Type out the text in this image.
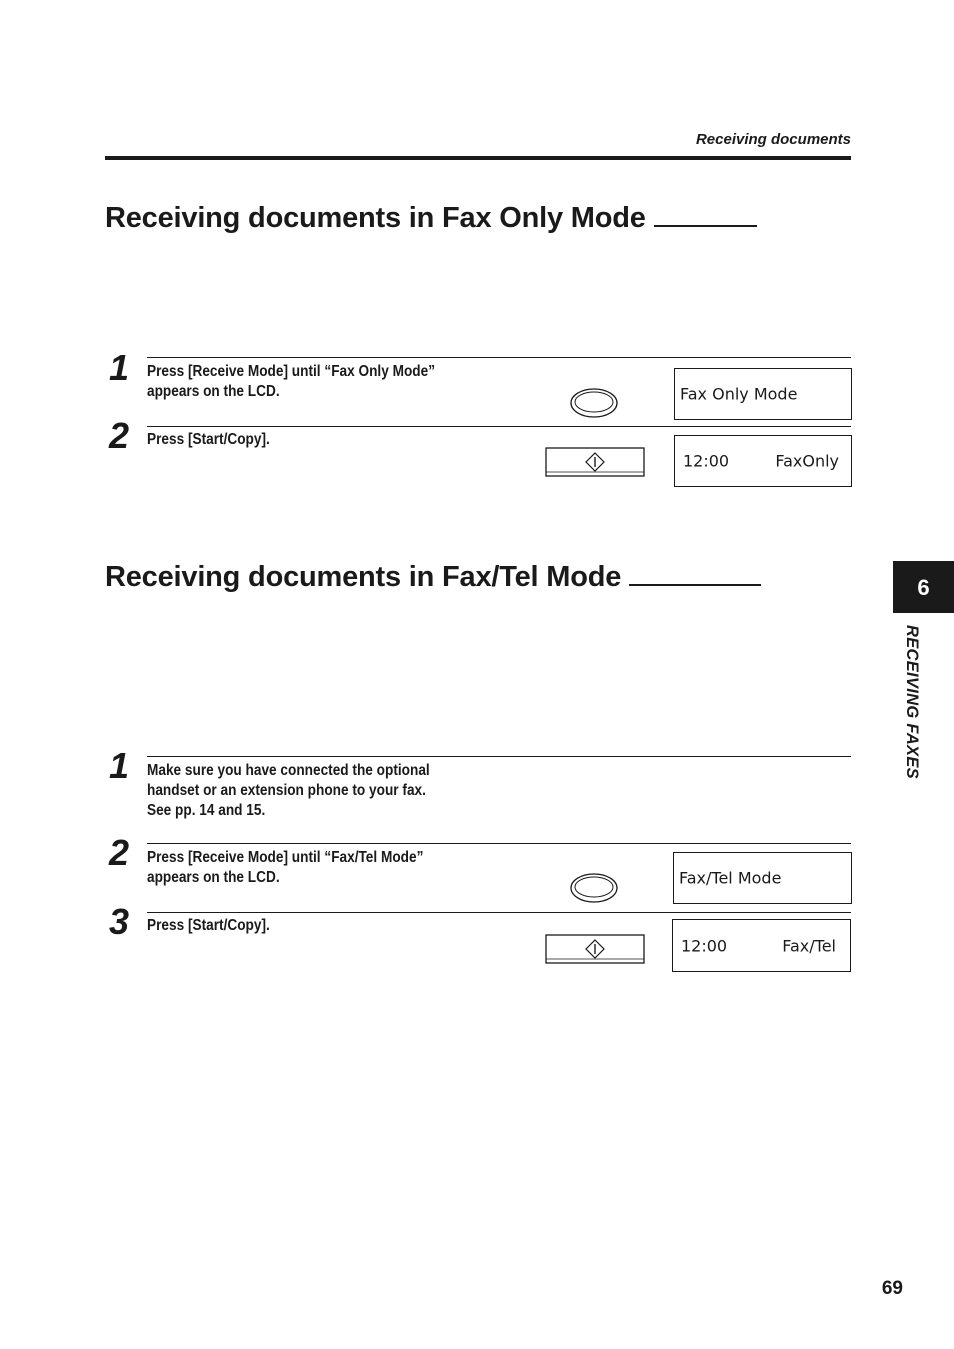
Receiving documents
Receiving documents in Fax Only Mode
1 Press [Receive Mode] until “Fax Only Mode”
appears on the LCD.	Fax Only Mode
2 Press [Start/Copy].
12:00	FaxOnly
Receiving documents in Fax/Tel Mode
1 Make sure you have connected the optional
handset or an extension phone to your fax.
See pp. 14 and 15.
2 Press [Receive Mode] until “Fax/Tel Mode”
appears on the LCD.	Fax/Tel Mode
3 Press [Start/Copy].
12:00	Fax/Tel
6
RECEIVING FAXES
69
